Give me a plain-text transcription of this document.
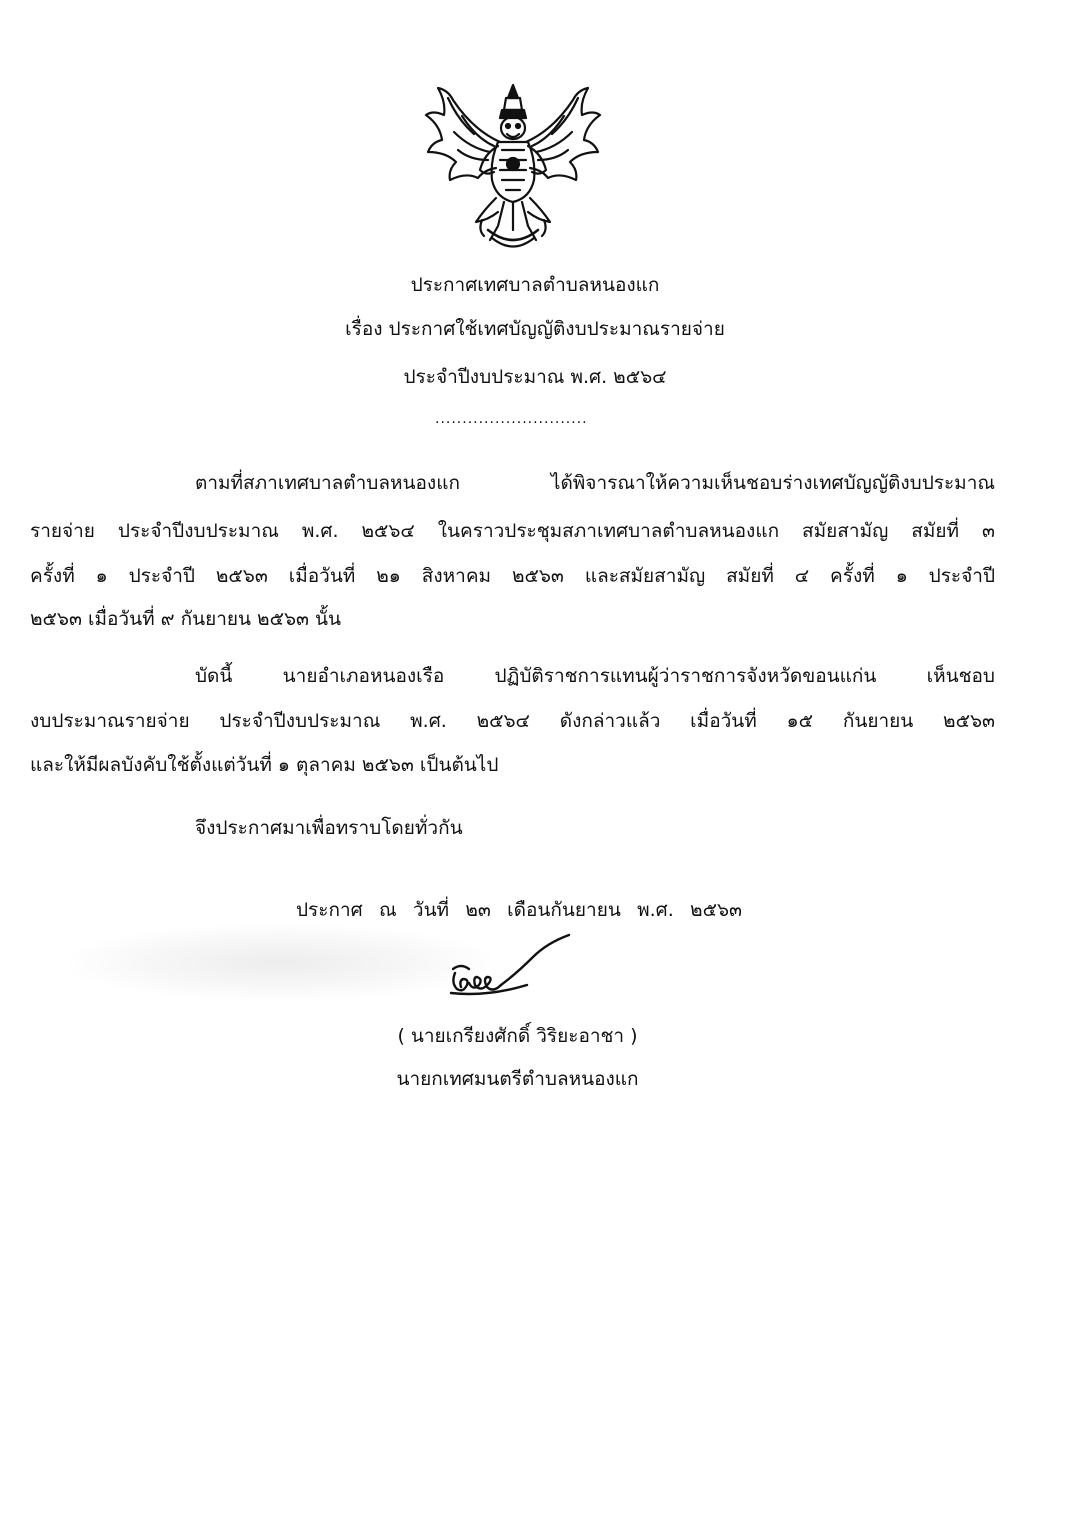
ประกาศเทศบาลตำบลหนองแก
เรื่อง ประกาศใช้เทศบัญญัติงบประมาณรายจ่าย
ประจำปีงบประมาณ พ.ศ. ๒๕๖๔
............................
ตามที่สภาเทศบาลตำบลหนองแก ได้พิจารณาให้ความเห็นชอบร่างเทศบัญญัติงบประมาณ
รายจ่าย ประจำปีงบประมาณ พ.ศ. ๒๕๖๔ ในคราวประชุมสภาเทศบาลตำบลหนองแก สมัยสามัญ สมัยที่ ๓
ครั้งที่ ๑ ประจำปี ๒๕๖๓ เมื่อวันที่ ๒๑ สิงหาคม ๒๕๖๓ และสมัยสามัญ สมัยที่ ๔ ครั้งที่ ๑ ประจำปี
๒๕๖๓ เมื่อวันที่ ๙ กันยายน ๒๕๖๓ นั้น
บัดนี้ นายอำเภอหนองเรือ ปฏิบัติราชการแทนผู้ว่าราชการจังหวัดขอนแก่น เห็นชอบ
งบประมาณรายจ่าย ประจำปีงบประมาณ พ.ศ. ๒๕๖๔ ดังกล่าวแล้ว เมื่อวันที่ ๑๕ กันยายน ๒๕๖๓
และให้มีผลบังคับใช้ตั้งแต่วันที่ ๑ ตุลาคม ๒๕๖๓ เป็นต้นไป
จึงประกาศมาเพื่อทราบโดยทั่วกัน
ประกาศ ณ วันที่ ๒๓ เดือนกันยายน พ.ศ. ๒๕๖๓
( นายเกรียงศักดิ์ วิริยะอาชา )
นายกเทศมนตรีตำบลหนองแก
